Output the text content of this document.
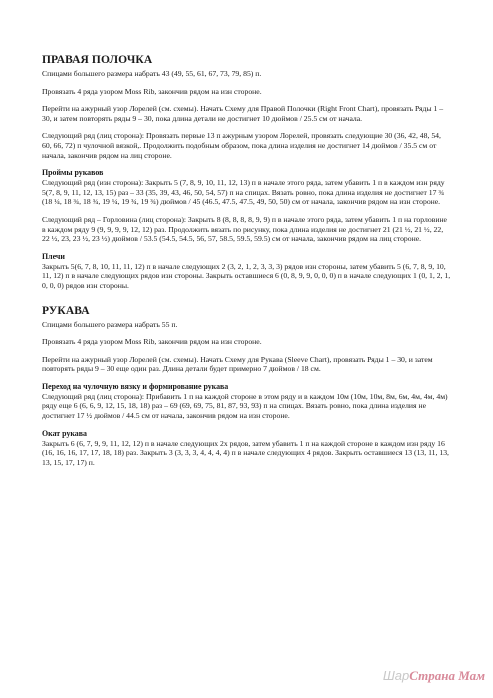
ПРАВАЯ ПОЛОЧКА

Спицами большего размера набрать 43 (49, 55, 61, 67, 73, 79, 85) п.

Провязать 4 ряда узором Moss Rib, закончив рядом на изн стороне.

Перейти на ажурный узор Лорелей (см. схемы). Начать Схему для Правой Полочки (Right Front Chart), провязать Ряды 1 – 30, и затем повторять ряды 9 – 30, пока длина детали не достигнет 10 дюймов / 25.5 см от начала.

Следующий ряд (лиц сторона): Провязать первые 13 п ажурным узором Лорелей, провязать следующие 30 (36, 42, 48, 54, 60, 66, 72) п чулочной вязкой,. Продолжить подобным образом, пока длина изделия не достигнет 14 дюймов / 35.5 см от начала, закончив рядом на лиц стороне.

Проймы рукавов

Следующий ряд (изн сторона): Закрыть 5 (7, 8, 9, 10, 11, 12, 13) п в начале этого ряда, затем убавить 1 п в каждом изн ряду 5(7, 8, 9, 11, 12, 13, 15) раз – 33 (35, 39, 43, 46, 50, 54, 57) п на спицах. Вязать ровно, пока длина изделия не достигнет 17 ¾ (18 ¼, 18 ¾, 18 ¾, 19 ¼, 19 ¾, 19 ¾) дюймов / 45 (46.5, 47.5, 47.5, 49, 50, 50) см от начала, закончив рядом на изн стороне.

Следующий ряд – Горловина (лиц сторона): Закрыть 8 (8, 8, 8, 8, 9, 9) п в начале этого ряда, затем убавить 1 п на горловине в каждом ряду 9 (9, 9, 9, 9, 12, 12) раз. Продолжить вязать по рисунку, пока длина изделия не достигнет 21 (21 ½, 21 ½, 22, 22 ½, 23, 23 ½, 23 ½) дюймов / 53.5 (54.5, 54.5, 56, 57, 58.5, 59.5, 59.5) см от начала, закончив рядом на лиц стороне.

Плечи

Закрыть 5(6, 7, 8, 10, 11, 11, 12) п в начале следующих 2 (3, 2, 1, 2, 3, 3, 3) рядов изн стороны, затем убавить 5 (6, 7, 8, 9, 10, 11, 12) п в начале следующих рядов изн стороны. Закрыть оставшиеся 6 (0, 8, 9, 9, 0, 0, 0) п в начале следующих 1 (0, 1, 2, 1, 0, 0, 0) рядов изн стороны.

РУКАВА

Спицами большего размера набрать 55 п.

Провязать 4 ряда узором Moss Rib, закончив рядом на изн стороне.

Перейти на ажурный узор Лорелей (см. схемы). Начать Схему для Рукава (Sleeve Chart), провязать Ряды 1 – 30, и затем повторять ряды 9 – 30 еще один раз. Длина детали будет примерно 7 дюймов / 18 см.

Переход на чулочную вязку и формирование рукава

Следующий ряд (лиц сторона): Прибавить 1 п на каждой стороне в этом ряду и в каждом 10м (10м, 10м, 8м, 6м, 4м, 4м, 4м) ряду еще 6 (6, 6, 9, 12, 15, 18, 18) раз – 69 (69, 69, 75, 81, 87, 93, 93) п на спицах. Вязать ровно, пока длина изделия не достигнет 17 ½ дюймов / 44.5 см от начала, закончив рядом на изн стороне.

Окат рукава

Закрыть 6 (6, 7, 9, 9, 11, 12, 12) п в начале следующих 2х рядов, затем убавить 1 п на каждой стороне в каждом изн ряду 16 (16, 16, 16, 17, 17, 18, 18) раз. Закрыть 3 (3, 3, 3, 4, 4, 4, 4) п в начале следующих 4 рядов. Закрыть оставшиеся 13 (13, 11, 13, 13, 15, 17, 17) п.

ШарСтрана Мам
